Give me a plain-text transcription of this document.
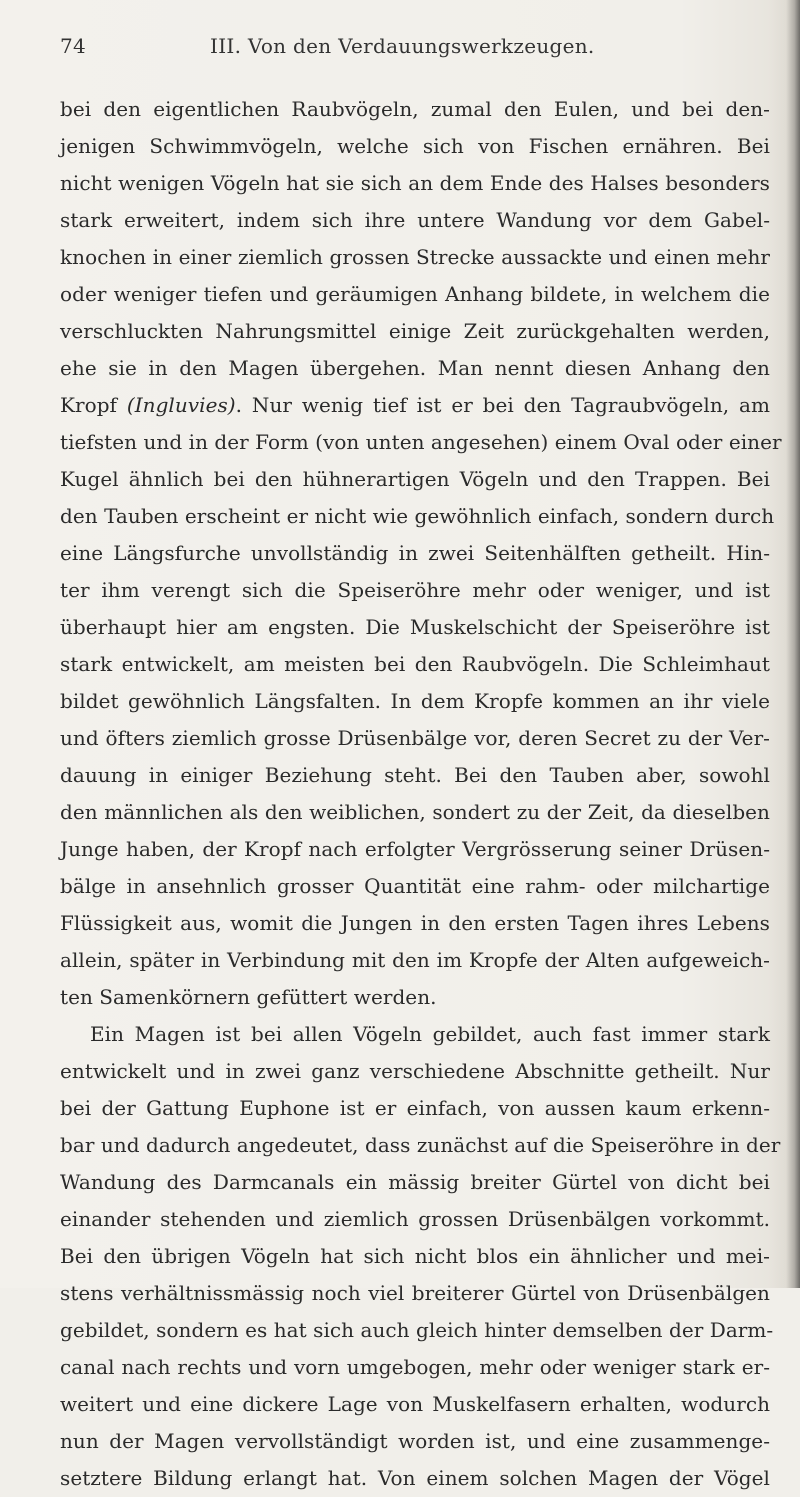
74	III. Von den Verdauungswerkzeugen.
bei den eigentlichen Raubvögeln, zumal den Eulen, und bei den-
jenigen Schwimmvögeln, welche sich von Fischen ernähren. Bei
nicht wenigen Vögeln hat sie sich an dem Ende des Halses besonders
stark erweitert, indem sich ihre untere Wandung vor dem Gabel-
knochen in einer ziemlich grossen Strecke aussackte und einen mehr
oder weniger tiefen und geräumigen Anhang bildete, in welchem die
verschluckten Nahrungsmittel einige Zeit zurückgehalten werden,
ehe sie in den Magen übergehen. Man nennt diesen Anhang den
Kropf (Ingluvies). Nur wenig tief ist er bei den Tagraubvögeln, am
tiefsten und in der Form (von unten angesehen) einem Oval oder einer
Kugel ähnlich bei den hühnerartigen Vögeln und den Trappen. Bei
den Tauben erscheint er nicht wie gewöhnlich einfach, sondern durch
eine Längsfurche unvollständig in zwei Seitenhälften getheilt. Hin-
ter ihm verengt sich die Speiseröhre mehr oder weniger, und ist
überhaupt hier am engsten. Die Muskelschicht der Speiseröhre ist
stark entwickelt, am meisten bei den Raubvögeln. Die Schleimhaut
bildet gewöhnlich Längsfalten. In dem Kropfe kommen an ihr viele
und öfters ziemlich grosse Drüsenbälge vor, deren Secret zu der Ver-
dauung in einiger Beziehung steht. Bei den Tauben aber, sowohl
den männlichen als den weiblichen, sondert zu der Zeit, da dieselben
Junge haben, der Kropf nach erfolgter Vergrösserung seiner Drüsen-
bälge in ansehnlich grosser Quantität eine rahm- oder milchartige
Flüssigkeit aus, womit die Jungen in den ersten Tagen ihres Lebens
allein, später in Verbindung mit den im Kropfe der Alten aufgeweich-
ten Samenkörnern gefüttert werden.
Ein Magen ist bei allen Vögeln gebildet, auch fast immer stark
entwickelt und in zwei ganz verschiedene Abschnitte getheilt. Nur
bei der Gattung Euphone ist er einfach, von aussen kaum erkenn-
bar und dadurch angedeutet, dass zunächst auf die Speiseröhre in der
Wandung des Darmcanals ein mässig breiter Gürtel von dicht bei
einander stehenden und ziemlich grossen Drüsenbälgen vorkommt.
Bei den übrigen Vögeln hat sich nicht blos ein ähnlicher und mei-
stens verhältnissmässig noch viel breiterer Gürtel von Drüsenbälgen
gebildet, sondern es hat sich auch gleich hinter demselben der Darm-
canal nach rechts und vorn umgebogen, mehr oder weniger stark er-
weitert und eine dickere Lage von Muskelfasern erhalten, wodurch
nun der Magen vervollständigt worden ist, und eine zusammenge-
setztere Bildung erlangt hat. Von einem solchen Magen der Vögel
